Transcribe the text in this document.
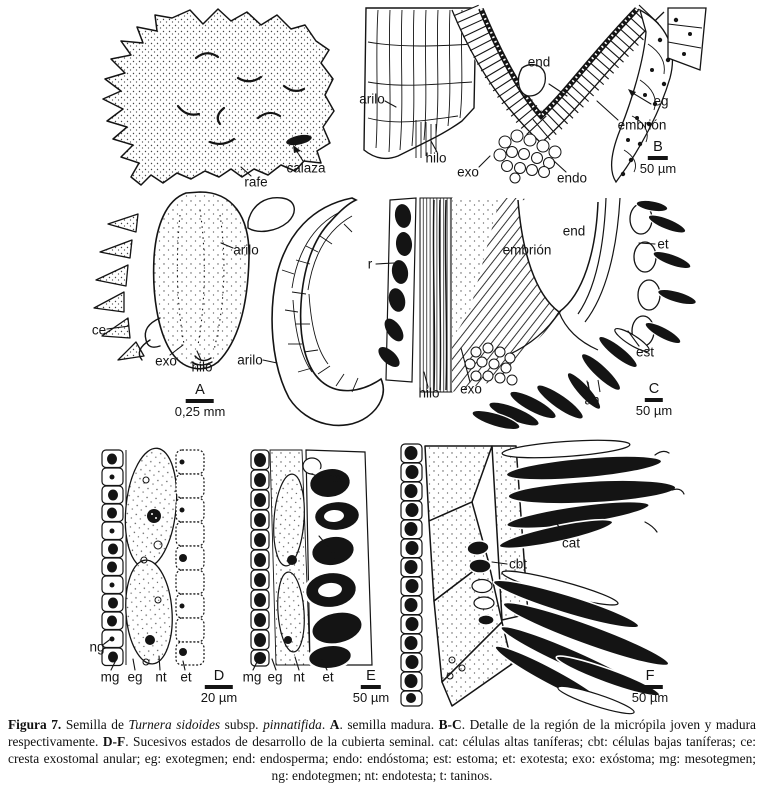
calaza
rafe
arilo
ce
exo hilo
end
arilo	eg
embrión
hilo
exo	endo
r
end
embrión	et
est
an
arilo
exo
hilo
ng
mg eg nt et
est
t
mg eg nt et
cat
cbt
A
0,25 mm
B
50 µm
C
50 µm
D
20 µm
E
50 µm
F
50 µm

Figura 7. Semilla de Turnera sidoides subsp. pinnatifida. A. semilla madura. B-C. Detalle de la región de la micrópila joven y madura respectivamente. D-F. Sucesivos estados de desarrollo de la cubierta seminal. cat: células altas taníferas; cbt: células bajas taníferas; ce: cresta exostomal anular; eg: exotegmen; end: endosperma; endo: endóstoma; est: estoma; et: exotesta; exo: exóstoma; mg: mesotegmen; ng: endotegmen; nt: endotesta; t: taninos.
